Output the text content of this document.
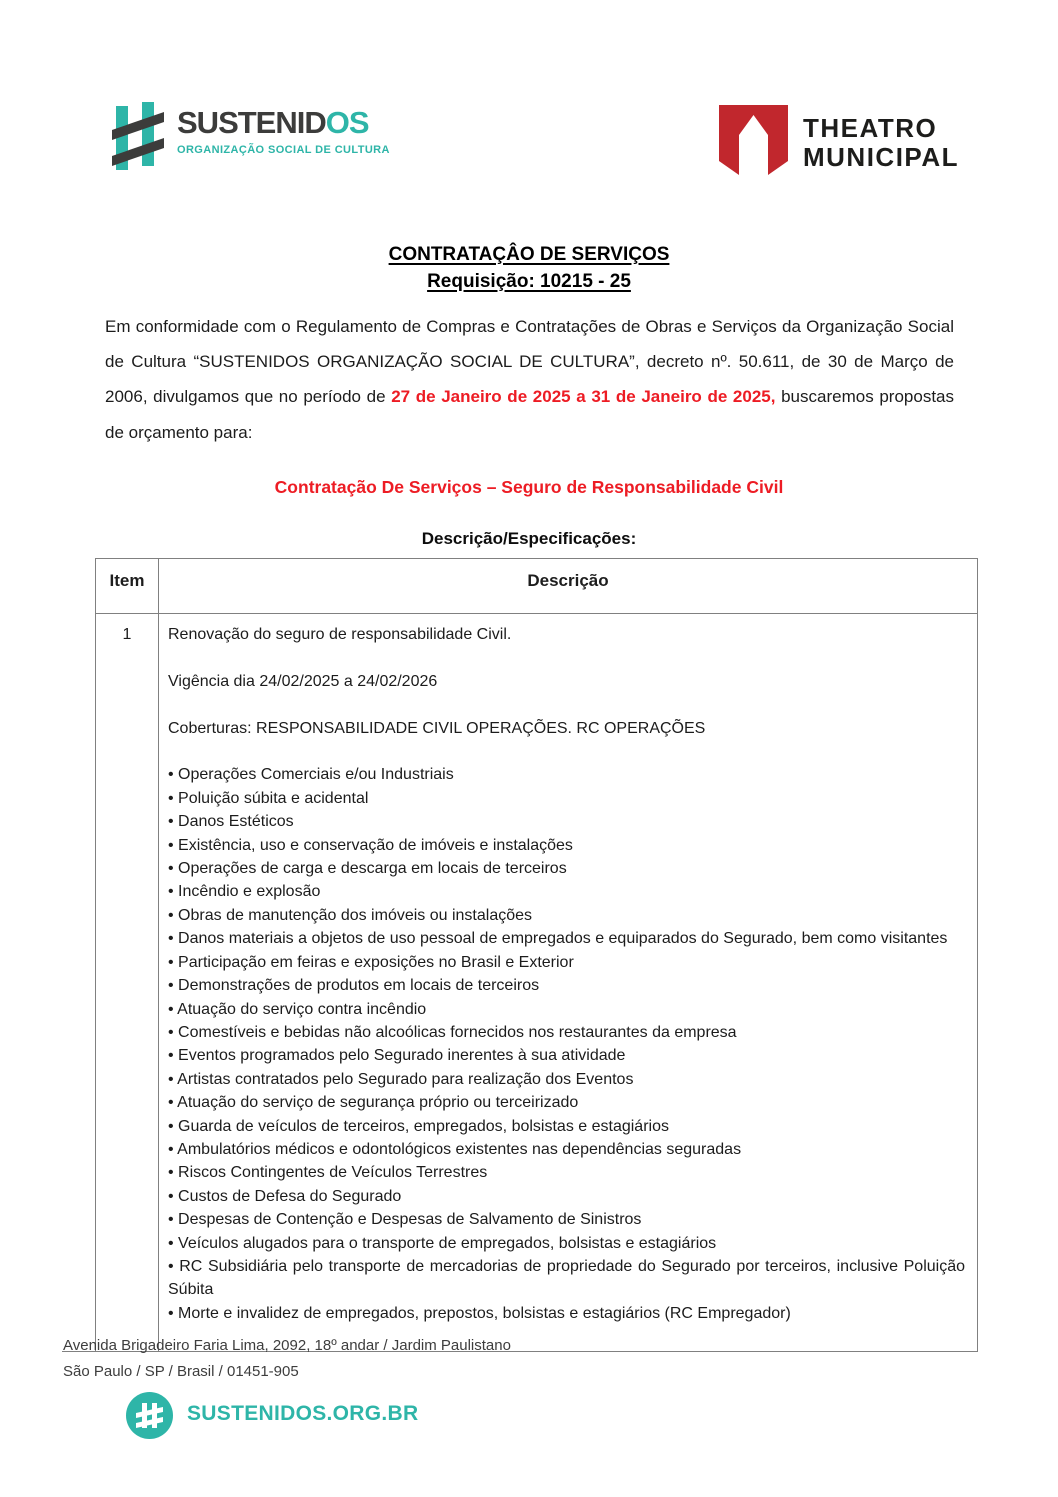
SUSTENIDOS
ORGANIZAÇÃO SOCIAL DE CULTURA
THEATRO
MUNICIPAL
CONTRATAÇÂO DE SERVIÇOS
Requisição: 10215 - 25

Em conformidade com o Regulamento de Compras e Contratações de Obras e Serviços da Organização Social de Cultura “SUSTENIDOS ORGANIZAÇÃO SOCIAL DE CULTURA”, decreto nº. 50.611, de 30 de Março de 2006, divulgamos que no período de 27 de Janeiro de 2025 a 31 de Janeiro de 2025, buscaremos propostas de orçamento para:

Contratação De Serviços – Seguro de Responsabilidade Civil
Descrição/Especificações:
Item	Descrição
1	Renovação do seguro de responsabilidade Civil.

Vigência dia 24/02/2025 a 24/02/2026

Coberturas: RESPONSABILIDADE CIVIL OPERAÇÕES. RC OPERAÇÕES

• Operações Comerciais e/ou Industriais
• Poluição súbita e acidental
• Danos Estéticos
• Existência, uso e conservação de imóveis e instalações
• Operações de carga e descarga em locais de terceiros
• Incêndio e explosão
• Obras de manutenção dos imóveis ou instalações
• Danos materiais a objetos de uso pessoal de empregados e equiparados do Segurado, bem como visitantes
• Participação em feiras e exposições no Brasil e Exterior
• Demonstrações de produtos em locais de terceiros
• Atuação do serviço contra incêndio
• Comestíveis e bebidas não alcoólicas fornecidos nos restaurantes da empresa
• Eventos programados pelo Segurado inerentes à sua atividade
• Artistas contratados pelo Segurado para realização dos Eventos
• Atuação do serviço de segurança próprio ou terceirizado
• Guarda de veículos de terceiros, empregados, bolsistas e estagiários
• Ambulatórios médicos e odontológicos existentes nas dependências seguradas
• Riscos Contingentes de Veículos Terrestres
• Custos de Defesa do Segurado
• Despesas de Contenção e Despesas de Salvamento de Sinistros
• Veículos alugados para o transporte de empregados, bolsistas e estagiários
• RC Subsidiária pelo transporte de mercadorias de propriedade do Segurado por terceiros, inclusive Poluição Súbita
• Morte e invalidez de empregados, prepostos, bolsistas e estagiários (RC Empregador)
Avenida Brigadeiro Faria Lima, 2092, 18º andar / Jardim Paulistano
São Paulo / SP / Brasil / 01451-905
SUSTENIDOS.ORG.BR
